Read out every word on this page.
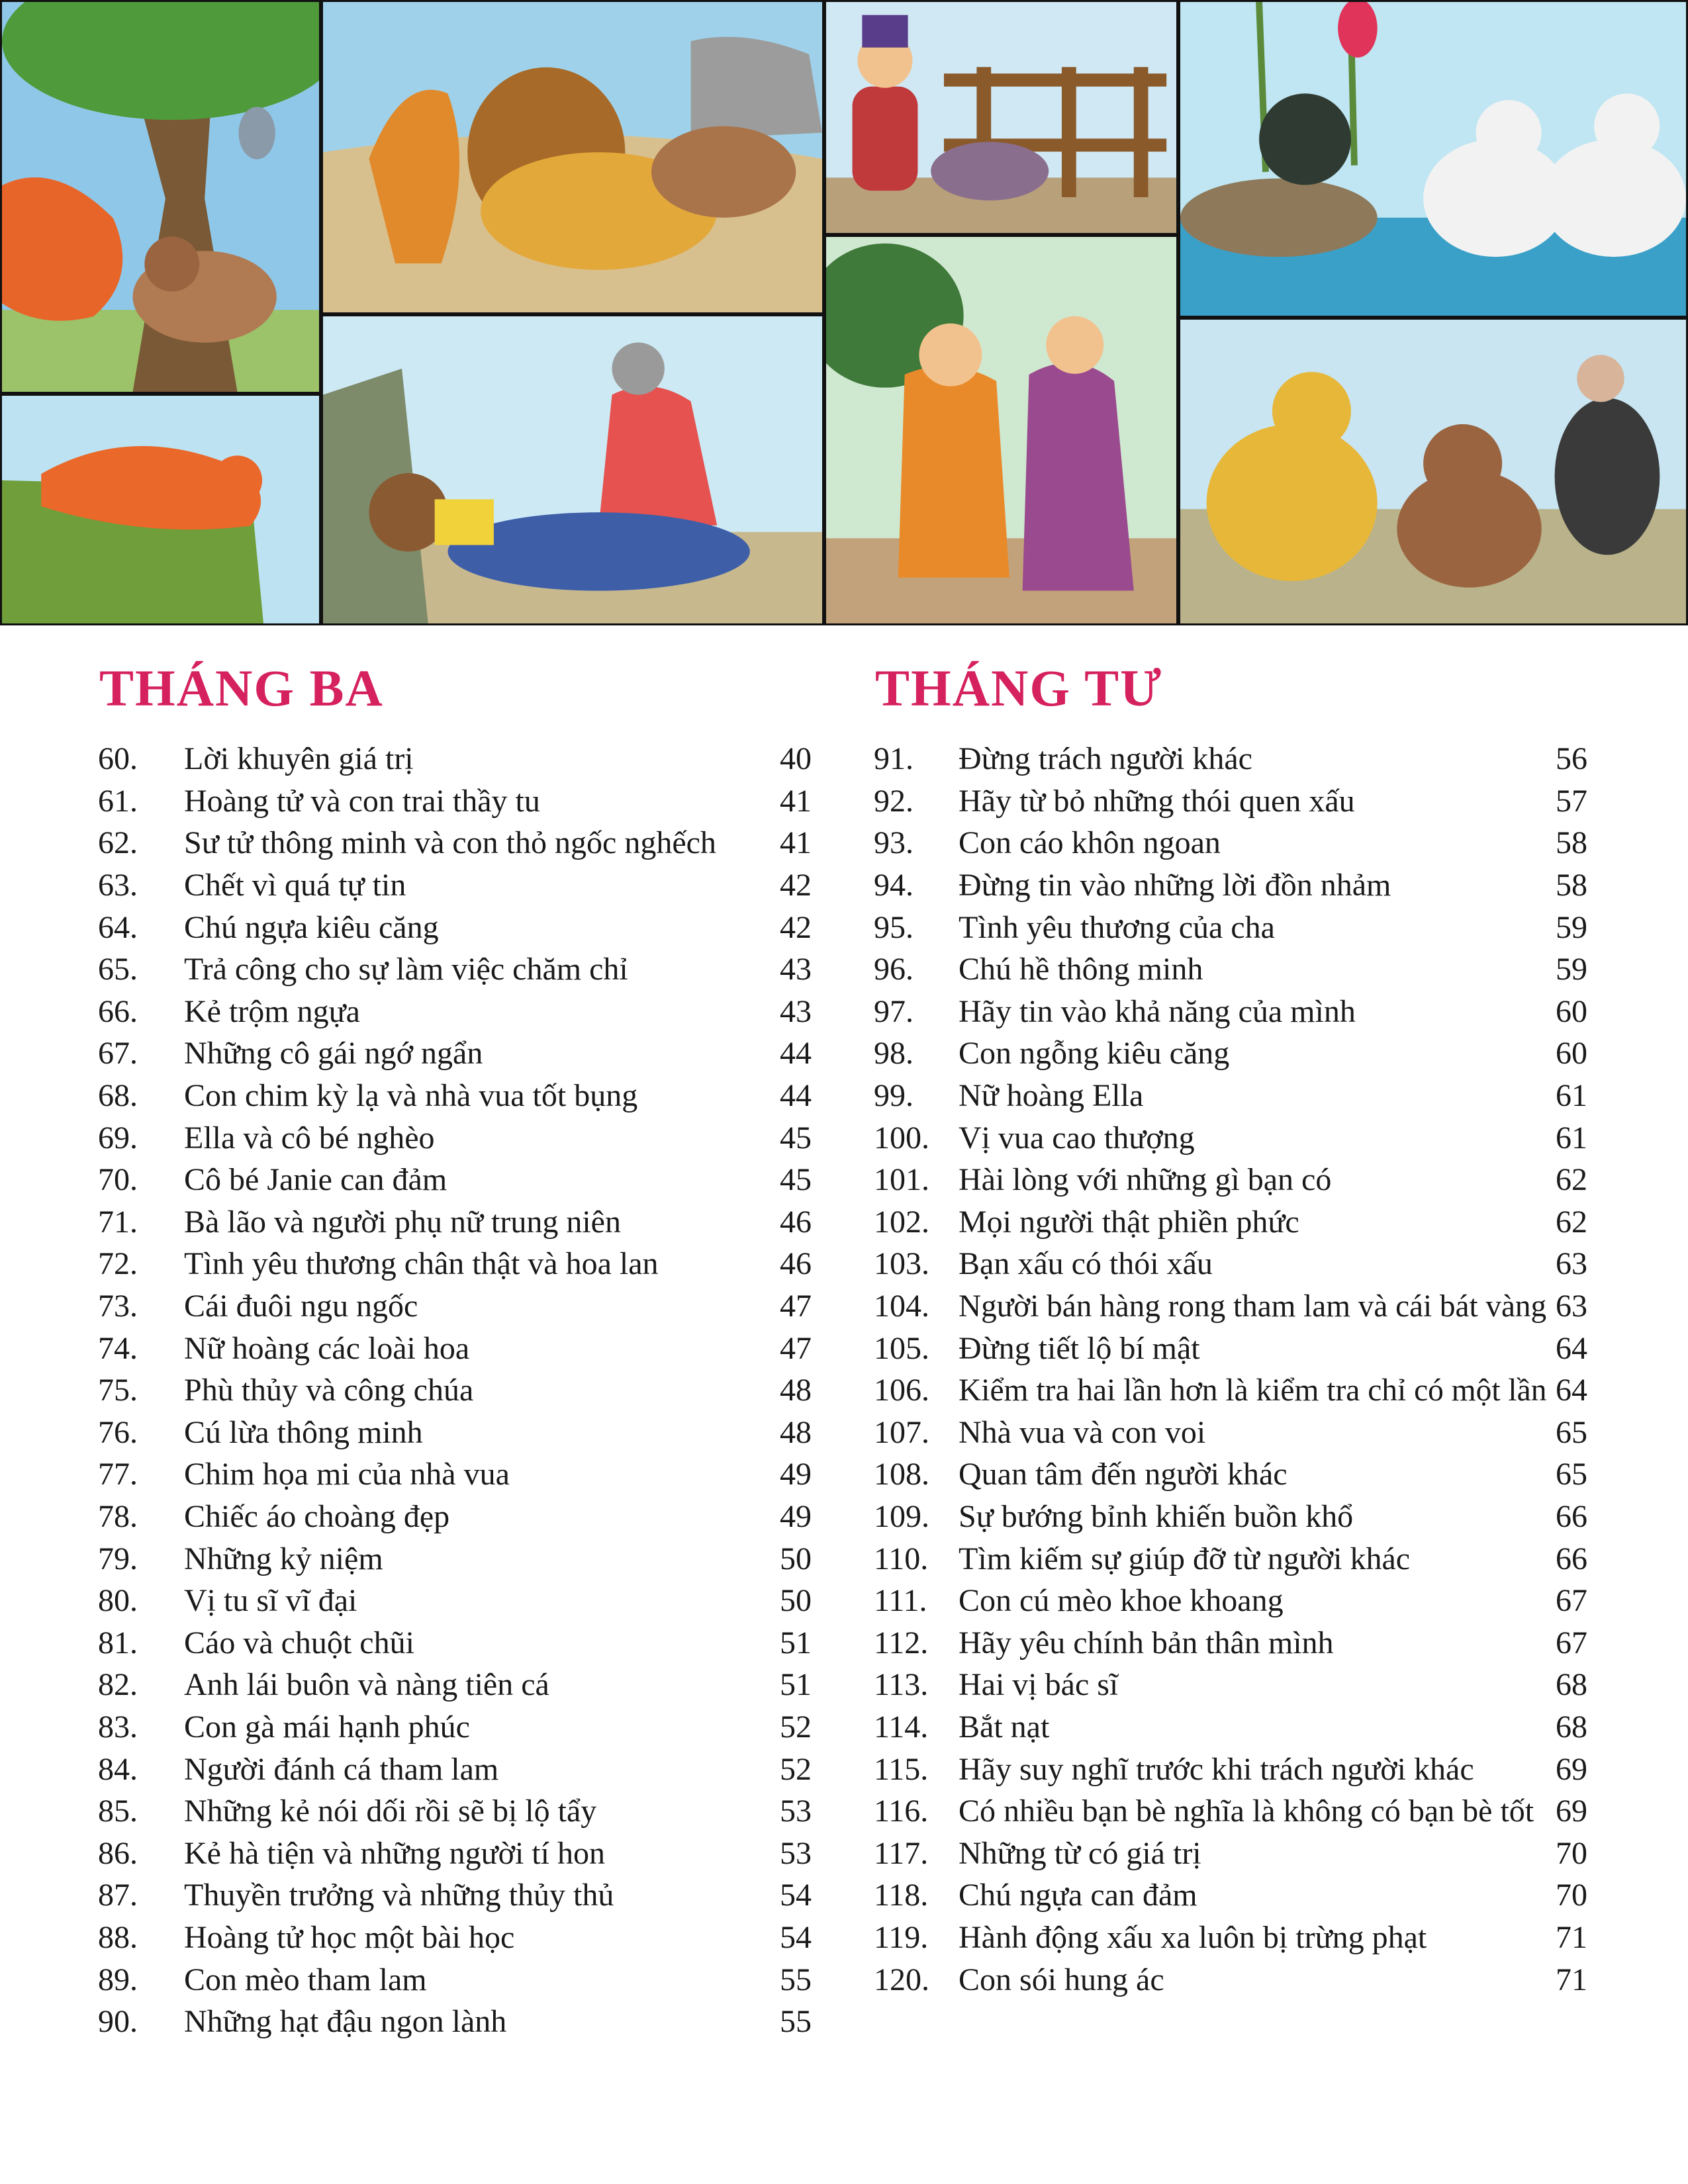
THÁNG BA	THÁNG TƯ
60.	Lời khuyên giá trị	40
61.	Hoàng tử và con trai thầy tu	41
62.	Sư tử thông minh và con thỏ ngốc nghếch	41
63.	Chết vì quá tự tin	42
64.	Chú ngựa kiêu căng	42
65.	Trả công cho sự làm việc chăm chỉ	43
66.	Kẻ trộm ngựa	43
67.	Những cô gái ngớ ngẩn	44
68.	Con chim kỳ lạ và nhà vua tốt bụng	44
69.	Ella và cô bé nghèo	45
70.	Cô bé Janie can đảm	45
71.	Bà lão và người phụ nữ trung niên	46
72.	Tình yêu thương chân thật và hoa lan	46
73.	Cái đuôi ngu ngốc	47
74.	Nữ hoàng các loài hoa	47
75.	Phù thủy và công chúa	48
76.	Cú lừa thông minh	48
77.	Chim họa mi của nhà vua	49
78.	Chiếc áo choàng đẹp	49
79.	Những kỷ niệm	50
80.	Vị tu sĩ vĩ đại	50
81.	Cáo và chuột chũi	51
82.	Anh lái buôn và nàng tiên cá	51
83.	Con gà mái hạnh phúc	52
84.	Người đánh cá tham lam	52
85.	Những kẻ nói dối rồi sẽ bị lộ tẩy	53
86.	Kẻ hà tiện và những người tí hon	53
87.	Thuyền trưởng và những thủy thủ	54
88.	Hoàng tử học một bài học	54
89.	Con mèo tham lam	55
90.	Những hạt đậu ngon lành	55
91.	Đừng trách người khác	56
92.	Hãy từ bỏ những thói quen xấu	57
93.	Con cáo khôn ngoan	58
94.	Đừng tin vào những lời đồn nhảm	58
95.	Tình yêu thương của cha	59
96.	Chú hề thông minh	59
97.	Hãy tin vào khả năng của mình	60
98.	Con ngỗng kiêu căng	60
99.	Nữ hoàng Ella	61
100. Vị vua cao thượng	61
101. Hài lòng với những gì bạn có	62
102. Mọi người thật phiền phức	62
103. Bạn xấu có thói xấu	63
104. Người bán hàng rong tham lam và cái bát vàng 63
105. Đừng tiết lộ bí mật	64
106. Kiểm tra hai lần hơn là kiểm tra chỉ có một lần 64
107. Nhà vua và con voi	65
108. Quan tâm đến người khác	65
109. Sự bướng bỉnh khiến buồn khổ	66
110. Tìm kiếm sự giúp đỡ từ người khác	66
111. Con cú mèo khoe khoang	67
112. Hãy yêu chính bản thân mình	67
113. Hai vị bác sĩ	68
114. Bắt nạt	68
115. Hãy suy nghĩ trước khi trách người khác	69
116. Có nhiều bạn bè nghĩa là không có bạn bè tốt 69
117. Những từ có giá trị	70
118. Chú ngựa can đảm	70
119. Hành động xấu xa luôn bị trừng phạt	71
120. Con sói hung ác	71
